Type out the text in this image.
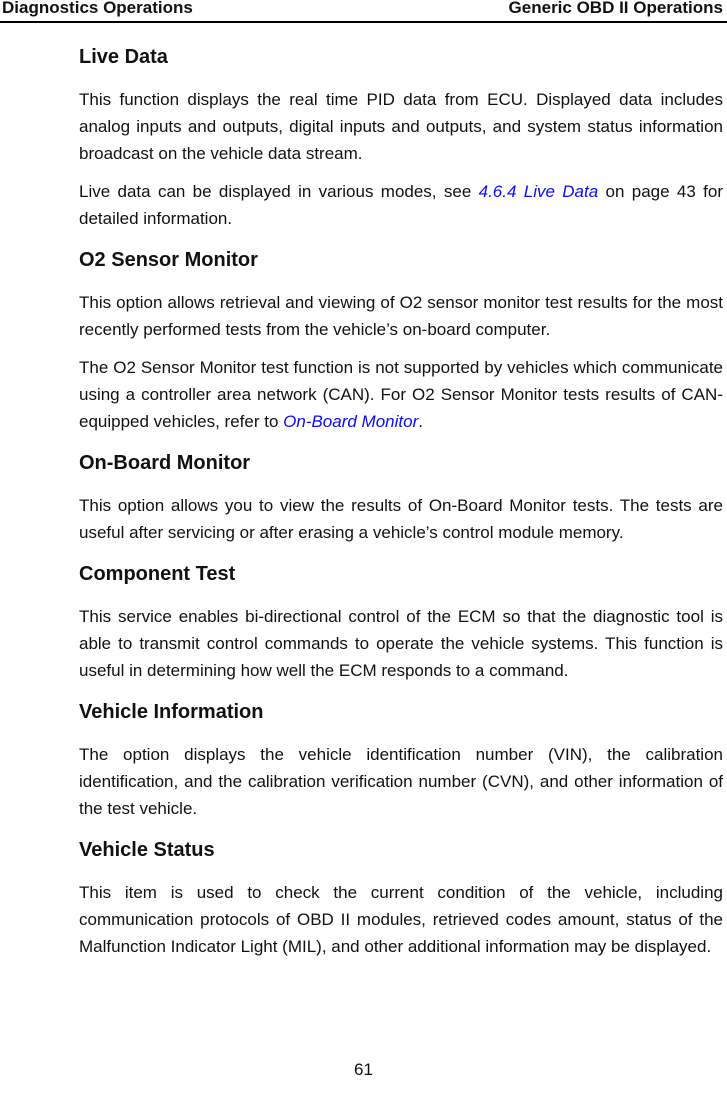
Diagnostics Operations	Generic OBD II Operations
Live Data

This function displays the real time PID data from ECU. Displayed data includes analog inputs and outputs, digital inputs and outputs, and system status information broadcast on the vehicle data stream.

Live data can be displayed in various modes, see 4.6.4 Live Data on page 43 for detailed information.

O2 Sensor Monitor

This option allows retrieval and viewing of O2 sensor monitor test results for the most recently performed tests from the vehicle’s on-board computer.

The O2 Sensor Monitor test function is not supported by vehicles which communicate using a controller area network (CAN). For O2 Sensor Monitor tests results of CAN-equipped vehicles, refer to On-Board Monitor.

On-Board Monitor

This option allows you to view the results of On-Board Monitor tests. The tests are useful after servicing or after erasing a vehicle’s control module memory.

Component Test

This service enables bi-directional control of the ECM so that the diagnostic tool is able to transmit control commands to operate the vehicle systems. This function is useful in determining how well the ECM responds to a command.

Vehicle Information

The option displays the vehicle identification number (VIN), the calibration identification, and the calibration verification number (CVN), and other information of the test vehicle.

Vehicle Status

This item is used to check the current condition of the vehicle, including communication protocols of OBD II modules, retrieved codes amount, status of the Malfunction Indicator Light (MIL), and other additional information may be displayed.

61
